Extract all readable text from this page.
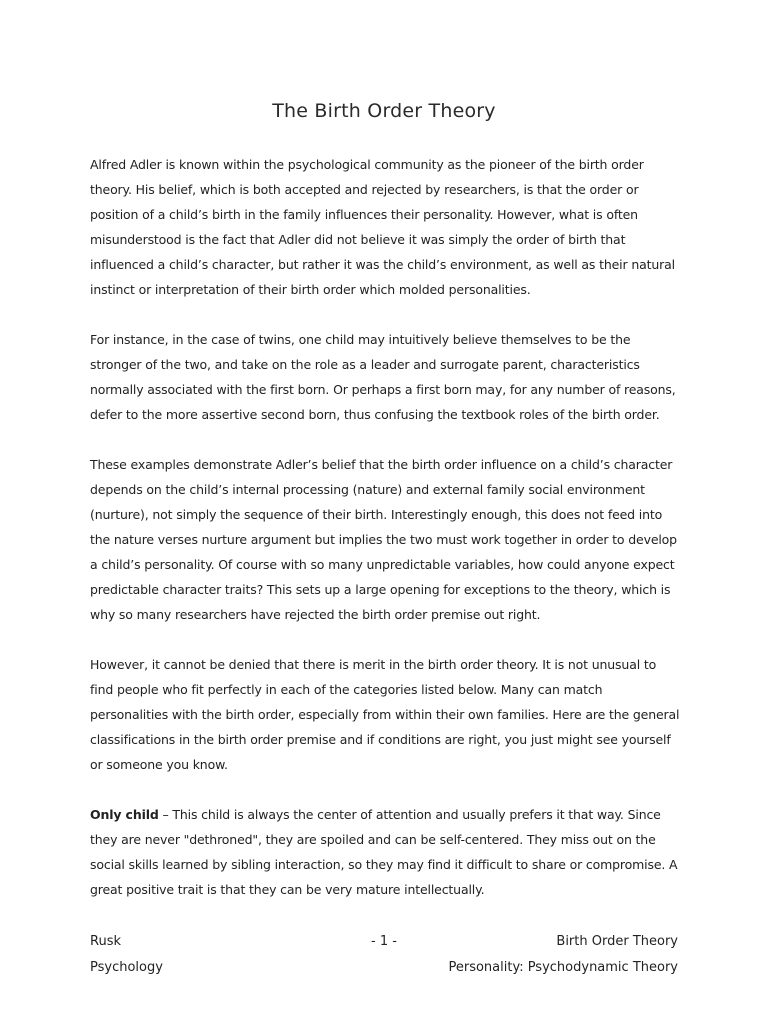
The Birth Order Theory

Alfred Adler is known within the psychological community as the pioneer of the birth order theory. His belief, which is both accepted and rejected by researchers, is that the order or position of a child’s birth in the family influences their personality. However, what is often misunderstood is the fact that Adler did not believe it was simply the order of birth that influenced a child’s character, but rather it was the child’s environment, as well as their natural instinct or interpretation of their birth order which molded personalities.

For instance, in the case of twins, one child may intuitively believe themselves to be the stronger of the two, and take on the role as a leader and surrogate parent, characteristics normally associated with the first born. Or perhaps a first born may, for any number of reasons, defer to the more assertive second born, thus confusing the textbook roles of the birth order.

These examples demonstrate Adler’s belief that the birth order influence on a child’s character depends on the child’s internal processing (nature) and external family social environment (nurture), not simply the sequence of their birth. Interestingly enough, this does not feed into the nature verses nurture argument but implies the two must work together in order to develop a child’s personality. Of course with so many unpredictable variables, how could anyone expect predictable character traits? This sets up a large opening for exceptions to the theory, which is why so many researchers have rejected the birth order premise out right.

However, it cannot be denied that there is merit in the birth order theory. It is not unusual to find people who fit perfectly in each of the categories listed below. Many can match personalities with the birth order, especially from within their own families. Here are the general classifications in the birth order premise and if conditions are right, you just might see yourself or someone you know.

Only child – This child is always the center of attention and usually prefers it that way. Since they are never "dethroned", they are spoiled and can be self-centered. They miss out on the social skills learned by sibling interaction, so they may find it difficult to share or compromise. A great positive trait is that they can be very mature intellectually.

Rusk	- 1 -	Birth Order Theory
Psychology	Personality: Psychodynamic Theory
